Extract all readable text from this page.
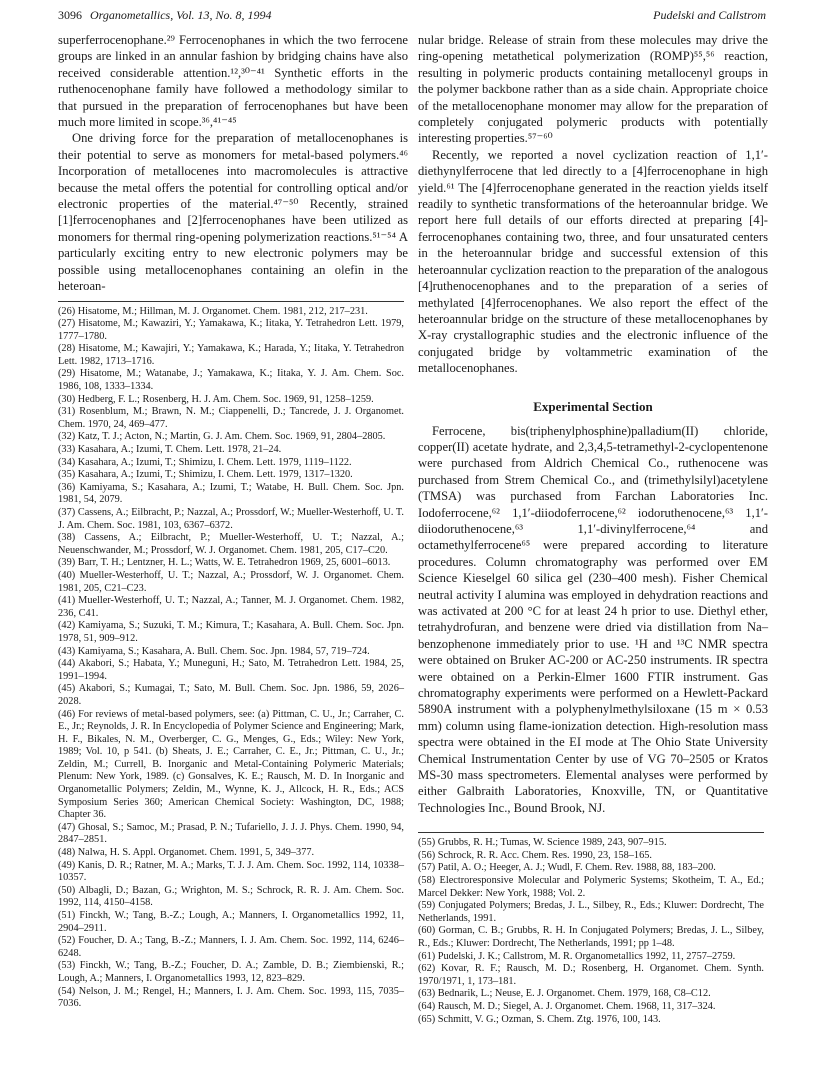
3096 Organometallics, Vol. 13, No. 8, 1994	Pudelski and Callstrom

superferrocenophane.²⁹ Ferrocenophanes in which the two ferrocene groups are linked in an annular fashion by bridging chains have also received considerable attention.¹²,³⁰⁻⁴¹ Synthetic efforts in the ruthenocenophane family have followed a methodology similar to that pursued in the preparation of ferrocenophanes but have been much more limited in scope.³⁶,⁴¹⁻⁴⁵

One driving force for the preparation of metallocenophanes is their potential to serve as monomers for metal-based polymers.⁴⁶ Incorporation of metallocenes into macromolecules is attractive because the metal offers the potential for controlling optical and/or electronic properties of the material.⁴⁷⁻⁵⁰ Recently, strained [1]ferrocenophanes and [2]ferrocenophanes have been utilized as monomers for thermal ring-opening polymerization reactions.⁵¹⁻⁵⁴ A particularly exciting entry to new electronic polymers may be possible using metallocenophanes containing an olefin in the heteroan-

(26) Hisatome, M.; Hillman, M. J. Organomet. Chem. 1981, 212, 217–231.

(27) Hisatome, M.; Kawaziri, Y.; Yamakawa, K.; Iitaka, Y. Tetrahedron Lett. 1979, 1777–1780.

(28) Hisatome, M.; Kawajiri, Y.; Yamakawa, K.; Harada, Y.; Iitaka, Y. Tetrahedron Lett. 1982, 1713–1716.

(29) Hisatome, M.; Watanabe, J.; Yamakawa, K.; Iitaka, Y. J. Am. Chem. Soc. 1986, 108, 1333–1334.

(30) Hedberg, F. L.; Rosenberg, H. J. Am. Chem. Soc. 1969, 91, 1258–1259.

(31) Rosenblum, M.; Brawn, N. M.; Ciappenelli, D.; Tancrede, J. J. Organomet. Chem. 1970, 24, 469–477.

(32) Katz, T. J.; Acton, N.; Martin, G. J. Am. Chem. Soc. 1969, 91, 2804–2805.

(33) Kasahara, A.; Izumi, T. Chem. Lett. 1978, 21–24.

(34) Kasahara, A.; Izumi, T.; Shimizu, I. Chem. Lett. 1979, 1119–1122.

(35) Kasahara, A.; Izumi, T.; Shimizu, I. Chem. Lett. 1979, 1317–1320.

(36) Kamiyama, S.; Kasahara, A.; Izumi, T.; Watabe, H. Bull. Chem. Soc. Jpn. 1981, 54, 2079.

(37) Cassens, A.; Eilbracht, P.; Nazzal, A.; Prossdorf, W.; Mueller-Westerhoff, U. T. J. Am. Chem. Soc. 1981, 103, 6367–6372.

(38) Cassens, A.; Eilbracht, P.; Mueller-Westerhoff, U. T.; Nazzal, A.; Neuenschwander, M.; Prossdorf, W. J. Organomet. Chem. 1981, 205, C17–C20.

(39) Barr, T. H.; Lentzner, H. L.; Watts, W. E. Tetrahedron 1969, 25, 6001–6013.

(40) Mueller-Westerhoff, U. T.; Nazzal, A.; Prossdorf, W. J. Organomet. Chem. 1981, 205, C21–C23.

(41) Mueller-Westerhoff, U. T.; Nazzal, A.; Tanner, M. J. Organomet. Chem. 1982, 236, C41.

(42) Kamiyama, S.; Suzuki, T. M.; Kimura, T.; Kasahara, A. Bull. Chem. Soc. Jpn. 1978, 51, 909–912.

(43) Kamiyama, S.; Kasahara, A. Bull. Chem. Soc. Jpn. 1984, 57, 719–724.

(44) Akabori, S.; Habata, Y.; Muneguni, H.; Sato, M. Tetrahedron Lett. 1984, 25, 1991–1994.

(45) Akabori, S.; Kumagai, T.; Sato, M. Bull. Chem. Soc. Jpn. 1986, 59, 2026–2028.

(46) For reviews of metal-based polymers, see: (a) Pittman, C. U., Jr.; Carraher, C. E., Jr.; Reynolds, J. R. In Encyclopedia of Polymer Science and Engineering; Mark, H. F., Bikales, N. M., Overberger, C. G., Menges, G., Eds.; Wiley: New York, 1989; Vol. 10, p 541. (b) Sheats, J. E.; Carraher, C. E., Jr.; Pittman, C. U., Jr.; Zeldin, M.; Currell, B. Inorganic and Metal-Containing Polymeric Materials; Plenum: New York, 1989. (c) Gonsalves, K. E.; Rausch, M. D. In Inorganic and Organometallic Polymers; Zeldin, M., Wynne, K. J., Allcock, H. R., Eds.; ACS Symposium Series 360; American Chemical Society: Washington, DC, 1988; Chapter 36.

(47) Ghosal, S.; Samoc, M.; Prasad, P. N.; Tufariello, J. J. J. Phys. Chem. 1990, 94, 2847–2851.

(48) Nalwa, H. S. Appl. Organomet. Chem. 1991, 5, 349–377.

(49) Kanis, D. R.; Ratner, M. A.; Marks, T. J. J. Am. Chem. Soc. 1992, 114, 10338–10357.

(50) Albagli, D.; Bazan, G.; Wrighton, M. S.; Schrock, R. R. J. Am. Chem. Soc. 1992, 114, 4150–4158.

(51) Finckh, W.; Tang, B.-Z.; Lough, A.; Manners, I. Organometallics 1992, 11, 2904–2911.

(52) Foucher, D. A.; Tang, B.-Z.; Manners, I. J. Am. Chem. Soc. 1992, 114, 6246–6248.

(53) Finckh, W.; Tang, B.-Z.; Foucher, D. A.; Zamble, D. B.; Ziembienski, R.; Lough, A.; Manners, I. Organometallics 1993, 12, 823–829.

(54) Nelson, J. M.; Rengel, H.; Manners, I. J. Am. Chem. Soc. 1993, 115, 7035–7036.

nular bridge. Release of strain from these molecules may drive the ring-opening metathetical polymerization (ROMP)⁵⁵,⁵⁶ reaction, resulting in polymeric products containing metallocenyl groups in the polymer backbone rather than as a side chain. Appropriate choice of the metallocenophane monomer may allow for the preparation of completely conjugated polymeric products with potentially interesting properties.⁵⁷⁻⁶⁰

Recently, we reported a novel cyclization reaction of 1,1′-diethynylferrocene that led directly to a [4]ferrocenophane in high yield.⁶¹ The [4]ferrocenophane generated in the reaction yields itself readily to synthetic transformations of the heteroannular bridge. We report here full details of our efforts directed at preparing [4]-ferrocenophanes containing two, three, and four unsaturated centers in the heteroannular bridge and successful extension of this heteroannular cyclization reaction to the preparation of the analogous [4]ruthenocenophanes and to the preparation of a series of methylated [4]ferrocenophanes. We also report the effect of the heteroannular bridge on the structure of these metallocenophanes by X-ray crystallographic studies and the electronic influence of the conjugated bridge by voltammetric examination of the metallocenophanes.

Experimental Section

Ferrocene, bis(triphenylphosphine)palladium(II) chloride, copper(II) acetate hydrate, and 2,3,4,5-tetramethyl-2-cyclopentenone were purchased from Aldrich Chemical Co., ruthenocene was purchased from Strem Chemical Co., and (trimethylsilyl)acetylene (TMSA) was purchased from Farchan Laboratories Inc. Iodoferrocene,⁶² 1,1′-diiodoferrocene,⁶² iodoruthenocene,⁶³ 1,1′-diiodoruthenocene,⁶³ 1,1′-divinylferrocene,⁶⁴ and octamethylferrocene⁶⁵ were prepared according to literature procedures. Column chromatography was performed over EM Science Kieselgel 60 silica gel (230–400 mesh). Fisher Chemical neutral activity I alumina was employed in dehydration reactions and was activated at 200 °C for at least 24 h prior to use. Diethyl ether, tetrahydrofuran, and benzene were dried via distillation from Na–benzophenone immediately prior to use. ¹H and ¹³C NMR spectra were obtained on Bruker AC-200 or AC-250 instruments. IR spectra were obtained on a Perkin-Elmer 1600 FTIR instrument. Gas chromatography experiments were performed on a Hewlett-Packard 5890A instrument with a polyphenylmethylsiloxane (15 m × 0.53 mm) column using flame-ionization detection. High-resolution mass spectra were obtained in the EI mode at The Ohio State University Chemical Instrumentation Center by use of VG 70–2505 or Kratos MS-30 mass spectrometers. Elemental analyses were performed by either Galbraith Laboratories, Knoxville, TN, or Quantitative Technologies Inc., Bound Brook, NJ.

(55) Grubbs, R. H.; Tumas, W. Science 1989, 243, 907–915.

(56) Schrock, R. R. Acc. Chem. Res. 1990, 23, 158–165.

(57) Patil, A. O.; Heeger, A. J.; Wudl, F. Chem. Rev. 1988, 88, 183–200.

(58) Electroresponsive Molecular and Polymeric Systems; Skotheim, T. A., Ed.; Marcel Dekker: New York, 1988; Vol. 2.

(59) Conjugated Polymers; Bredas, J. L., Silbey, R., Eds.; Kluwer: Dordrecht, The Netherlands, 1991.

(60) Gorman, C. B.; Grubbs, R. H. In Conjugated Polymers; Bredas, J. L., Silbey, R., Eds.; Kluwer: Dordrecht, The Netherlands, 1991; pp 1–48.

(61) Pudelski, J. K.; Callstrom, M. R. Organometallics 1992, 11, 2757–2759.

(62) Kovar, R. F.; Rausch, M. D.; Rosenberg, H. Organomet. Chem. Synth. 1970/1971, 1, 173–181.

(63) Bednarik, L.; Neuse, E. J. Organomet. Chem. 1979, 168, C8–C12.

(64) Rausch, M. D.; Siegel, A. J. Organomet. Chem. 1968, 11, 317–324.

(65) Schmitt, V. G.; Ozman, S. Chem. Ztg. 1976, 100, 143.
